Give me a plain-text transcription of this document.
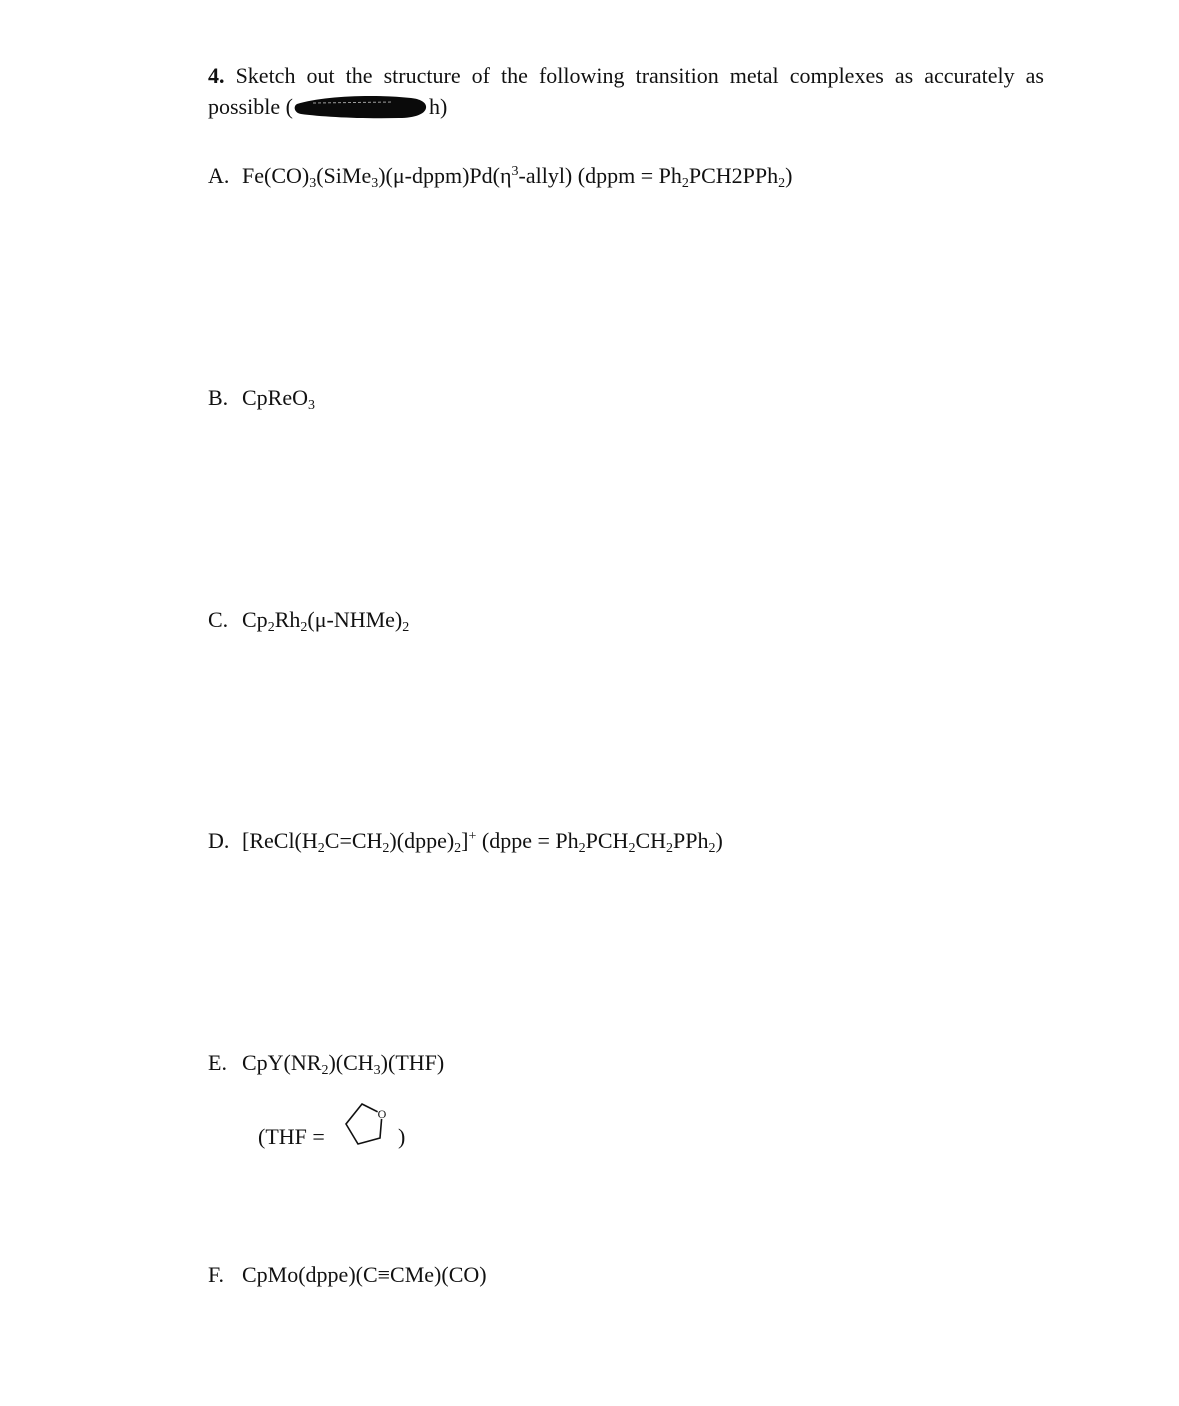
4. Sketch out the structure of the following transition metal complexes as accurately as possible (	h)
A. $Fe(CO)_3(SiMe_3)(\mu-dppm)Pd(\eta^3-allyl)$ (dppm = $Ph_2PCH2PPh_2$)
B. CpReO$_3$
C. $Cp_2Rh_2(\mu-NHMe)_2$
D. $[ReCl(H_2C=CH_2)(dppe)_2]^+$ (dppe = $Ph_2PCH_2CH_2PPh_2$)
E. $CpY(NR_2)(CH_3)(THF)$
(THF =
O
)
F. CpMo(dppe)(C≡CMe)(CO)
